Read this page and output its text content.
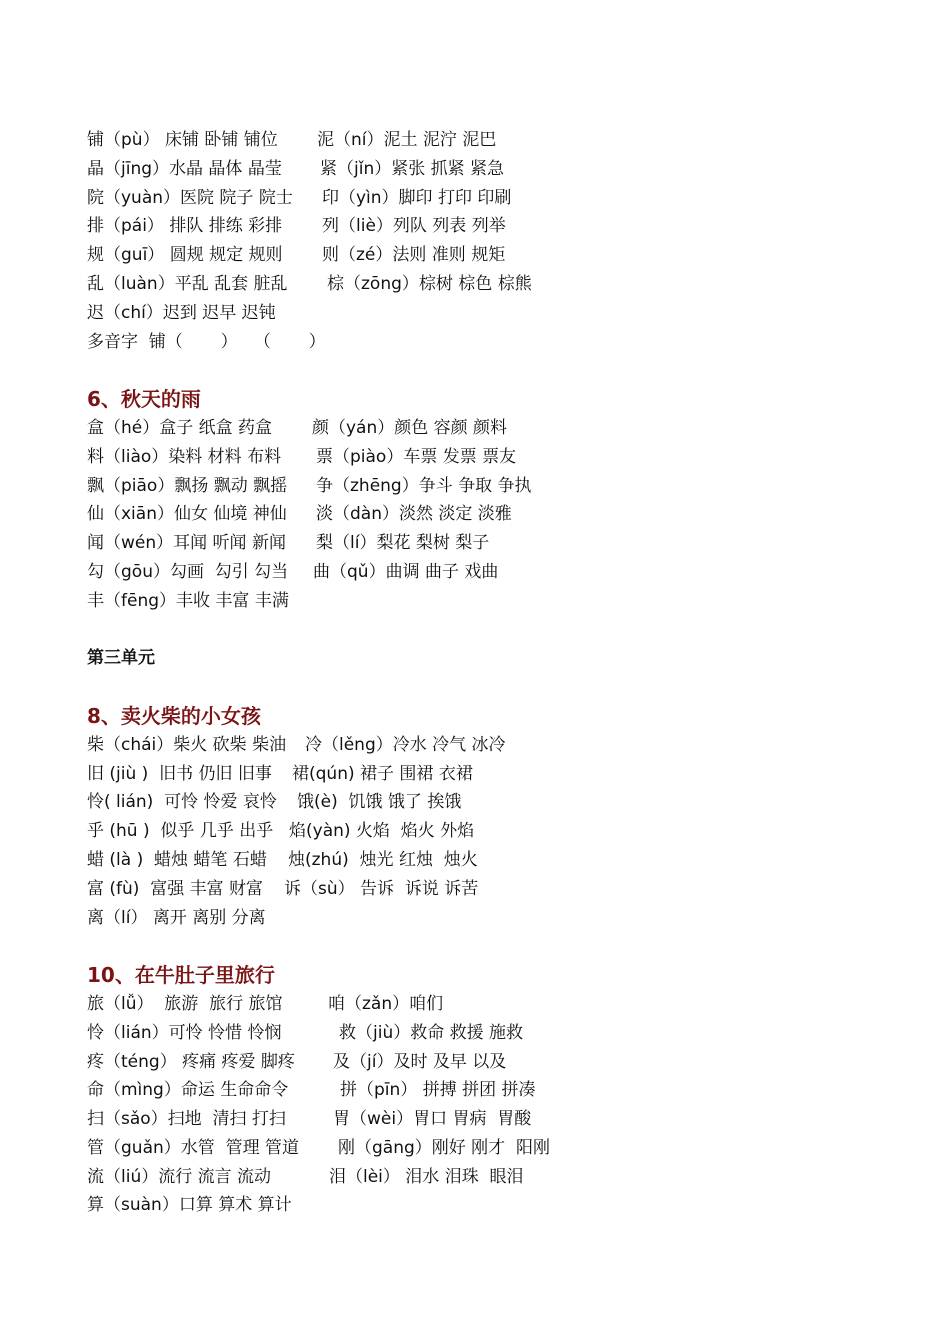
铺（pù） 床铺 卧铺 铺位 泥（ní）泥土 泥泞 泥巴
晶（jīng）水晶 晶体 晶莹 紧（jǐn）紧张 抓紧 紧急
院（yuàn）医院 院子 院士 印（yìn）脚印 打印 印刷
排（pái） 排队 排练 彩排 列（liè）列队 列表 列举
规（guī） 圆规 规定 规则 则（zé）法则 准则 规矩
乱（luàn）平乱 乱套 脏乱 棕（zōng）棕树 棕色 棕熊
迟（chí）迟到 迟早 迟钝
多音字  铺（       ）   （       ）
6、秋天的雨
盒（hé）盒子 纸盒 药盒 颜（yán）颜色 容颜 颜料
料（liào）染料 材料 布料 票（piào）车票 发票 票友
飘（piāo）飘扬 飘动 飘摇 争（zhēng）争斗 争取 争执
仙（xiān）仙女 仙境 神仙 淡（dàn）淡然 淡定 淡雅
闻（wén）耳闻 听闻 新闻 梨（lí）梨花 梨树 梨子
勾（gōu）勾画  勾引 勾当 曲（qǔ）曲调 曲子 戏曲
丰（fēng）丰收 丰富 丰满
第三单元
8、卖火柴的小女孩
柴（chái）柴火 砍柴 柴油 冷（lěng）冷水 冷气 冰冷
旧 (jiù )  旧书 仍旧 旧事 裙(qún) 裙子 围裙 衣裙
怜( lián)  可怜 怜爱 哀怜 饿(è)  饥饿 饿了 挨饿
乎 (hū )  似乎 几乎 出乎 焰(yàn) 火焰  焰火 外焰
蜡 (là )  蜡烛 蜡笔 石蜡 烛(zhú)  烛光 红烛  烛火
富 (fù)  富强 丰富 财富 诉（sù） 告诉  诉说 诉苦
离（lí） 离开 离别 分离
10、在牛肚子里旅行
旅（lǚ）  旅游  旅行 旅馆	咱（zǎn）咱们
怜（lián）可怜 怜惜 怜悯	救（jiù）救命 救援 施救
疼（téng） 疼痛 疼爱 脚疼 及（jí）及时 及早 以及
命（mìng）命运 生命命令	拼（pīn） 拼搏 拼团 拼凑
扫（sǎo）扫地  清扫 打扫	胃（wèi）胃口 胃病  胃酸
管（guǎn）水管  管理 管道 刚（gāng）刚好 刚才  阳刚
流（liú）流行 流言 流动	泪（lèi） 泪水 泪珠  眼泪
算（suàn）口算 算术 算计
